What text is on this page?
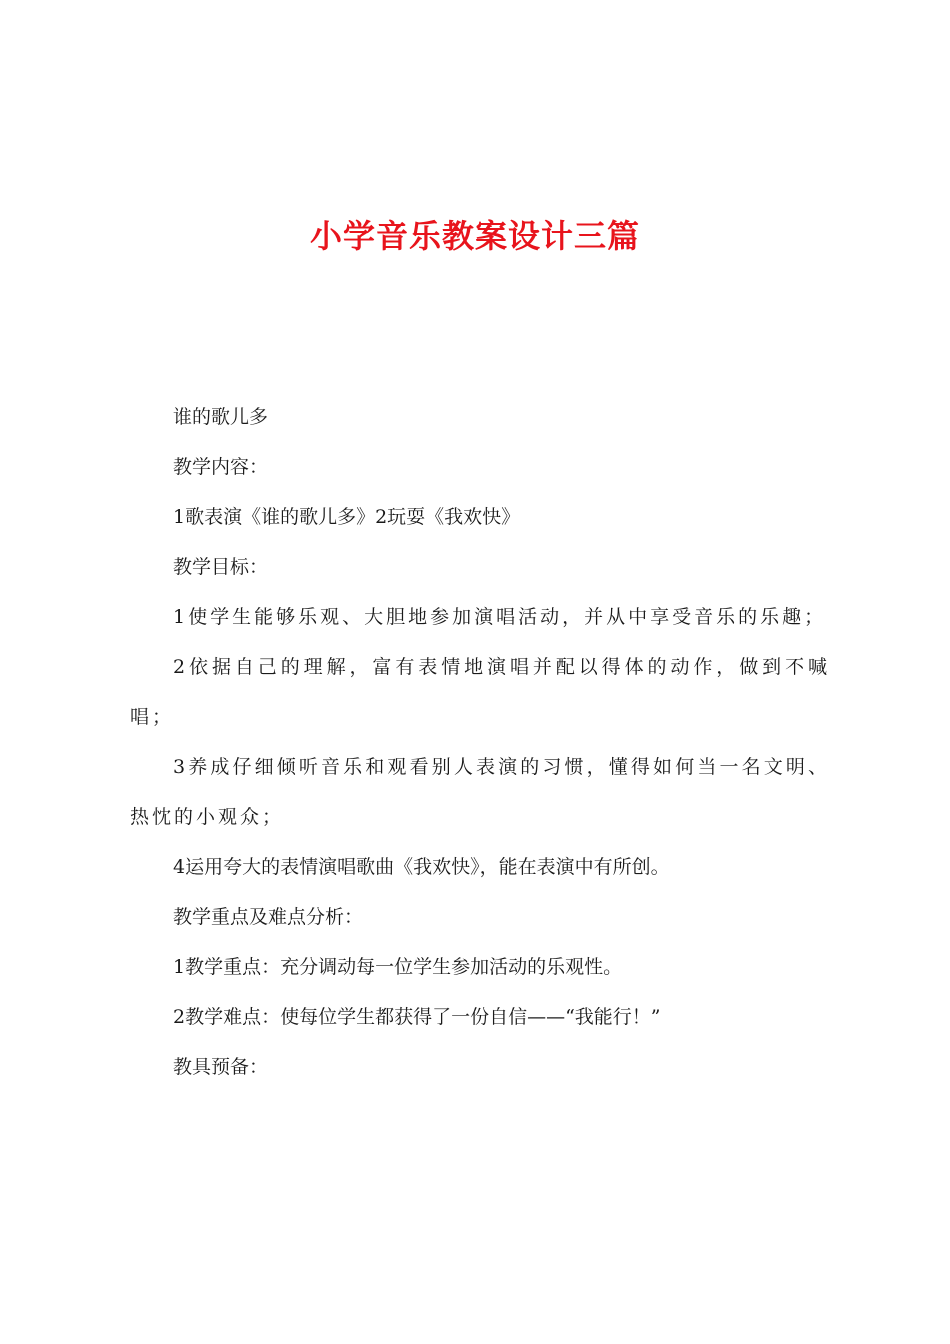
小学音乐教案设计三篇

谁的歌儿多

教学内容：

1歌表演《谁的歌儿多》2玩耍《我欢快》

教学目标：

1使学生能够乐观、大胆地参加演唱活动，并从中享受音乐的乐趣；

2依据自己的理解，富有表情地演唱并配以得体的动作，做到不喊唱；

3养成仔细倾听音乐和观看别人表演的习惯，懂得如何当一名文明、热忱的小观众；

4运用夸大的表情演唱歌曲《我欢快》，能在表演中有所创。

教学重点及难点分析：

1教学重点：充分调动每一位学生参加活动的乐观性。

2教学难点：使每位学生都获得了一份自信——“我能行！”

教具预备：
